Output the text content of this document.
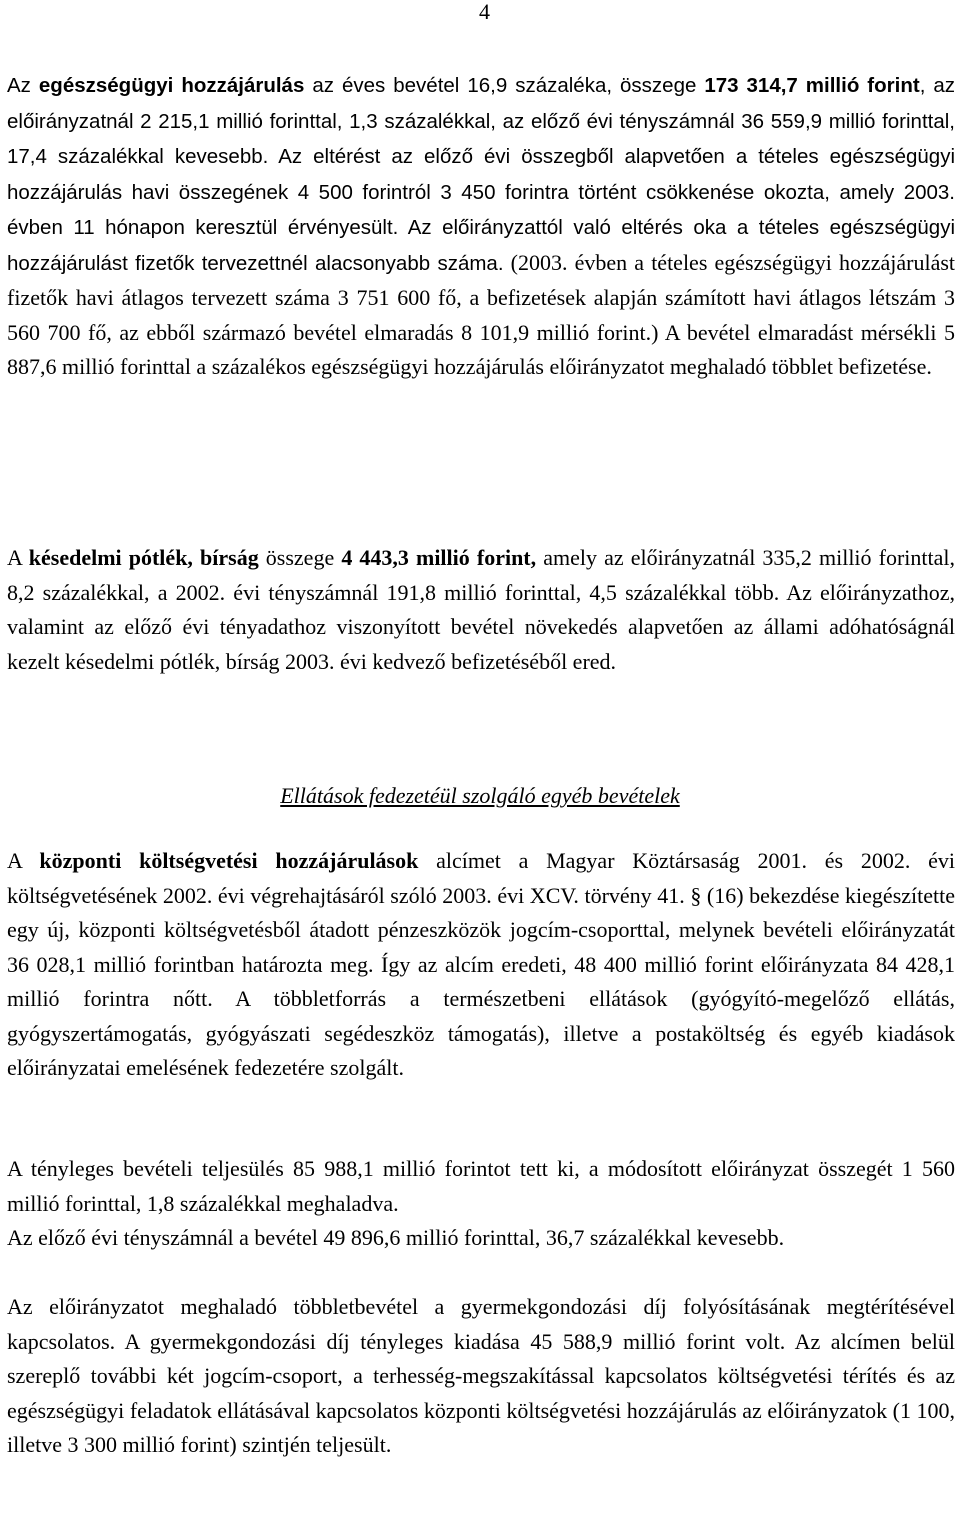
4

Az egészségügyi hozzájárulás az éves bevétel 16,9 százaléka, összege 173 314,7 millió forint, az előirányzatnál 2 215,1 millió forinttal, 1,3 százalékkal, az előző évi tényszámnál 36 559,9 millió forinttal, 17,4 százalékkal kevesebb. Az eltérést az előző évi összegből alapvetően a tételes egészségügyi hozzájárulás havi összegének 4 500 forintról 3 450 forintra történt csökkenése okozta, amely 2003. évben 11 hónapon keresztül érvényesült. Az előirányzattól való eltérés oka a tételes egészségügyi hozzájárulást fizetők tervezettnél alacsonyabb száma. (2003. évben a tételes egészségügyi hozzájárulást fizetők havi átlagos tervezett száma 3 751 600 fő, a befizetések alapján számított havi átlagos létszám 3 560 700 fő, az ebből származó bevétel elmaradás 8 101,9 millió forint.) A bevétel elmaradást mérsékli 5 887,6 millió forinttal a százalékos egészségügyi hozzájárulás előirányzatot meghaladó többlet befizetése.

A késedelmi pótlék, bírság összege 4 443,3 millió forint, amely az előirányzatnál 335,2 millió forinttal, 8,2 százalékkal, a 2002. évi tényszámnál 191,8 millió forinttal, 4,5 százalékkal több. Az előirányzathoz, valamint az előző évi tényadathoz viszonyított bevétel növekedés alapvetően az állami adóhatóságnál kezelt késedelmi pótlék, bírság 2003. évi kedvező befizetéséből ered.

Ellátások fedezetéül szolgáló egyéb bevételek

A központi költségvetési hozzájárulások alcímet a Magyar Köztársaság 2001. és 2002. évi költségvetésének 2002. évi végrehajtásáról szóló 2003. évi XCV. törvény 41. § (16) bekezdése kiegészítette egy új, központi költségvetésből átadott pénzeszközök jogcím-csoporttal, melynek bevételi előirányzatát 36 028,1 millió forintban határozta meg. Így az alcím eredeti, 48 400 millió forint előirányzata 84 428,1 millió forintra nőtt. A többletforrás a természetbeni ellátások (gyógyító-megelőző ellátás, gyógyszertámogatás, gyógyászati segédeszköz támogatás), illetve a postaköltség és egyéb kiadások előirányzatai emelésének fedezetére szolgált.

A tényleges bevételi teljesülés 85 988,1 millió forintot tett ki, a módosított előirányzat összegét 1 560 millió forinttal, 1,8 százalékkal meghaladva.

Az előző évi tényszámnál a bevétel 49 896,6 millió forinttal, 36,7 százalékkal kevesebb.

Az előirányzatot meghaladó többletbevétel a gyermekgondozási díj folyósításának megtérítésével kapcsolatos. A gyermekgondozási díj tényleges kiadása 45 588,9 millió forint volt. Az alcímen belül szereplő további két jogcím-csoport, a terhesség-megszakítással kapcsolatos költségvetési térítés és az egészségügyi feladatok ellátásával kapcsolatos központi költségvetési hozzájárulás az előirányzatok (1 100, illetve 3 300 millió forint) szintjén teljesült.
